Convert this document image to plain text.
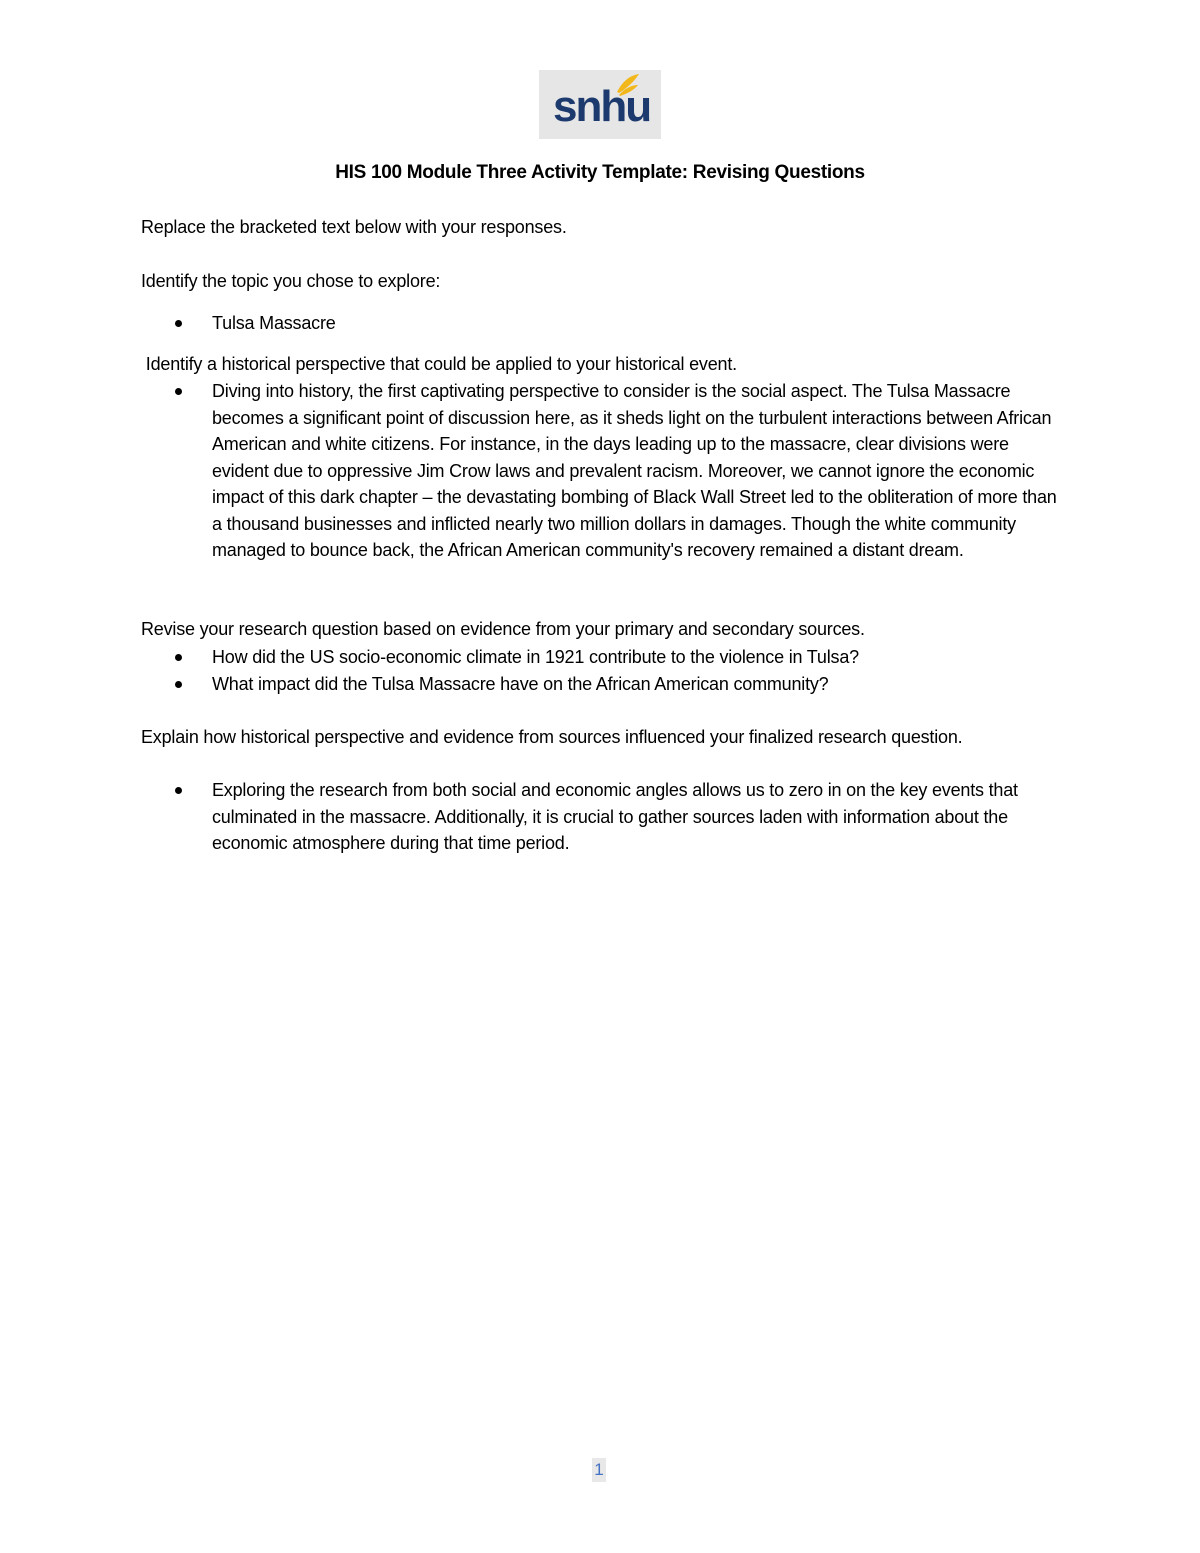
snhu
HIS 100 Module Three Activity Template: Revising Questions
Replace the bracketed text below with your responses.
Identify the topic you chose to explore:
Tulsa Massacre
Identify a historical perspective that could be applied to your historical event.
Diving into history, the first captivating perspective to consider is the social aspect. The Tulsa Massacre becomes a significant point of discussion here, as it sheds light on the turbulent interactions between African American and white citizens. For instance, in the days leading up to the massacre, clear divisions were evident due to oppressive Jim Crow laws and prevalent racism. Moreover, we cannot ignore the economic impact of this dark chapter – the devastating bombing of Black Wall Street led to the obliteration of more than a thousand businesses and inflicted nearly two million dollars in damages. Though the white community managed to bounce back, the African American community's recovery remained a distant dream.
Revise your research question based on evidence from your primary and secondary sources.
How did the US socio-economic climate in 1921 contribute to the violence in Tulsa?
What impact did the Tulsa Massacre have on the African American community?
Explain how historical perspective and evidence from sources influenced your finalized research question.
Exploring the research from both social and economic angles allows us to zero in on the key events that culminated in the massacre. Additionally, it is crucial to gather sources laden with information about the economic atmosphere during that time period.
1
